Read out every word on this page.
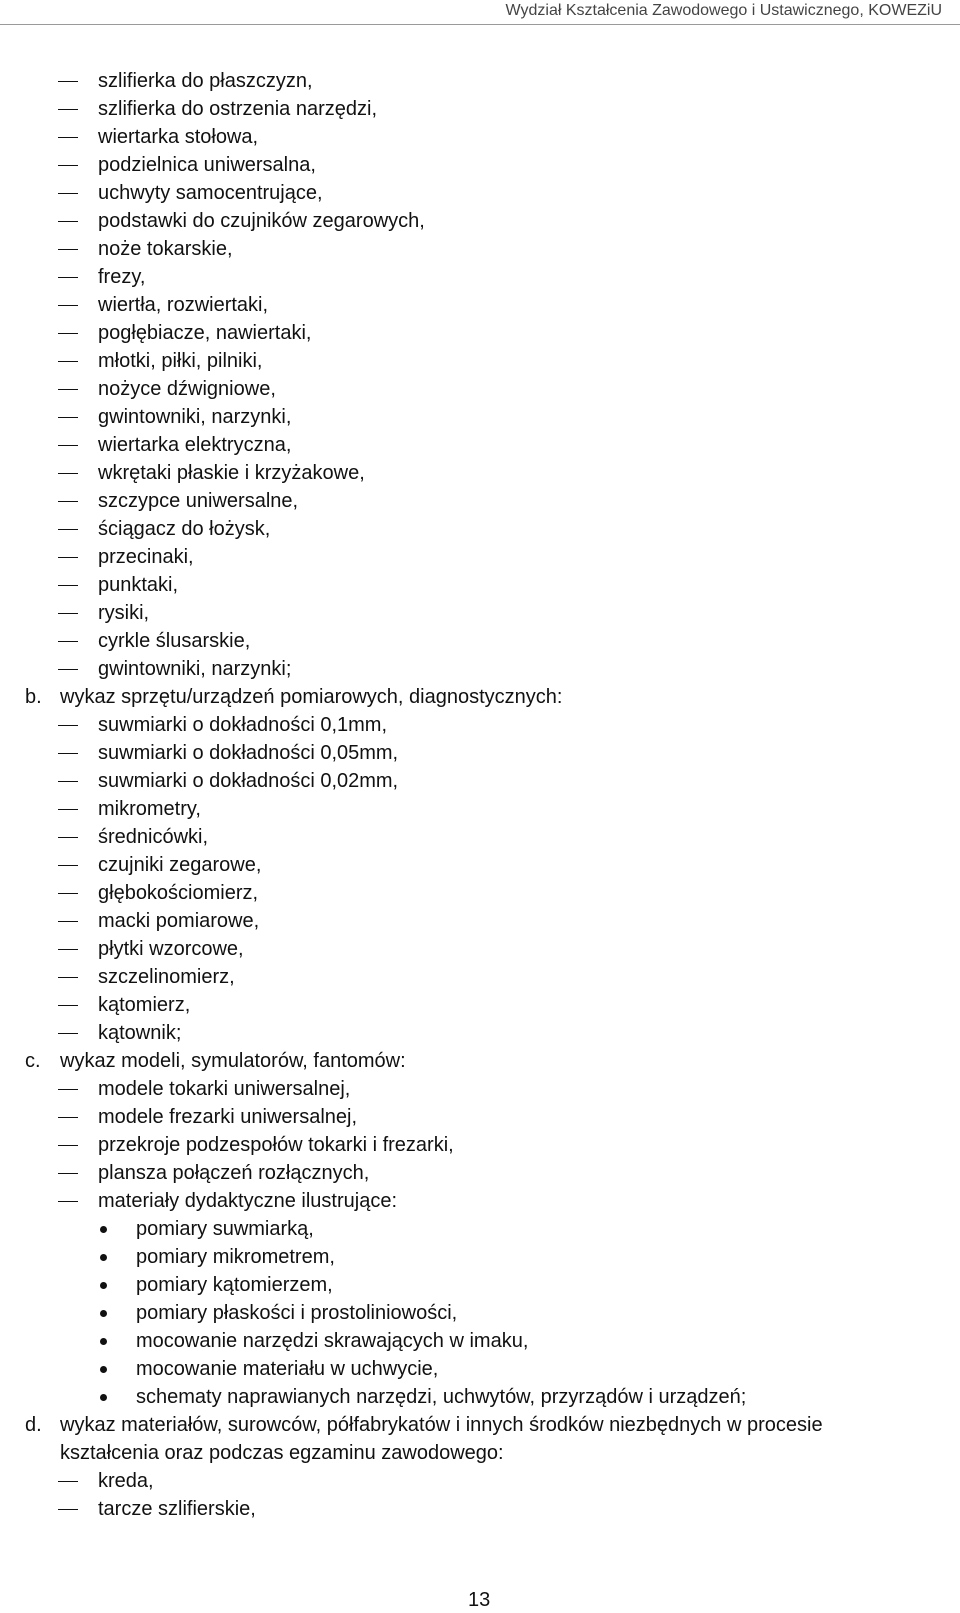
Wydział Kształcenia Zawodowego i Ustawicznego, KOWEZiU
szlifierka do płaszczyzn,
szlifierka do ostrzenia narzędzi,
wiertarka stołowa,
podzielnica uniwersalna,
uchwyty samocentrujące,
podstawki do czujników zegarowych,
noże tokarskie,
frezy,
wiertła, rozwiertaki,
pogłębiacze, nawiertaki,
młotki, piłki, pilniki,
nożyce dźwigniowe,
gwintowniki, narzynki,
wiertarka elektryczna,
wkrętaki płaskie i krzyżakowe,
szczypce uniwersalne,
ściągacz do łożysk,
przecinaki,
punktaki,
rysiki,
cyrkle ślusarskie,
gwintowniki, narzynki;
b. wykaz sprzętu/urządzeń pomiarowych, diagnostycznych:
suwmiarki o dokładności 0,1mm,
suwmiarki o dokładności 0,05mm,
suwmiarki o dokładności 0,02mm,
mikrometry,
średnicówki,
czujniki zegarowe,
głębokościomierz,
macki pomiarowe,
płytki wzorcowe,
szczelinomierz,
kątomierz,
kątownik;
c. wykaz modeli, symulatorów, fantomów:
modele tokarki uniwersalnej,
modele frezarki uniwersalnej,
przekroje podzespołów tokarki i frezarki,
plansza połączeń rozłącznych,
materiały dydaktyczne ilustrujące:
pomiary suwmiarką,
pomiary mikrometrem,
pomiary kątomierzem,
pomiary płaskości i prostoliniowości,
mocowanie narzędzi skrawających w imaku,
mocowanie materiału w uchwycie,
schematy naprawianych narzędzi, uchwytów, przyrządów i urządzeń;
d. wykaz materiałów, surowców, półfabrykatów i innych środków niezbędnych w procesie
kształcenia oraz podczas egzaminu zawodowego:
kreda,
tarcze szlifierskie,
13
